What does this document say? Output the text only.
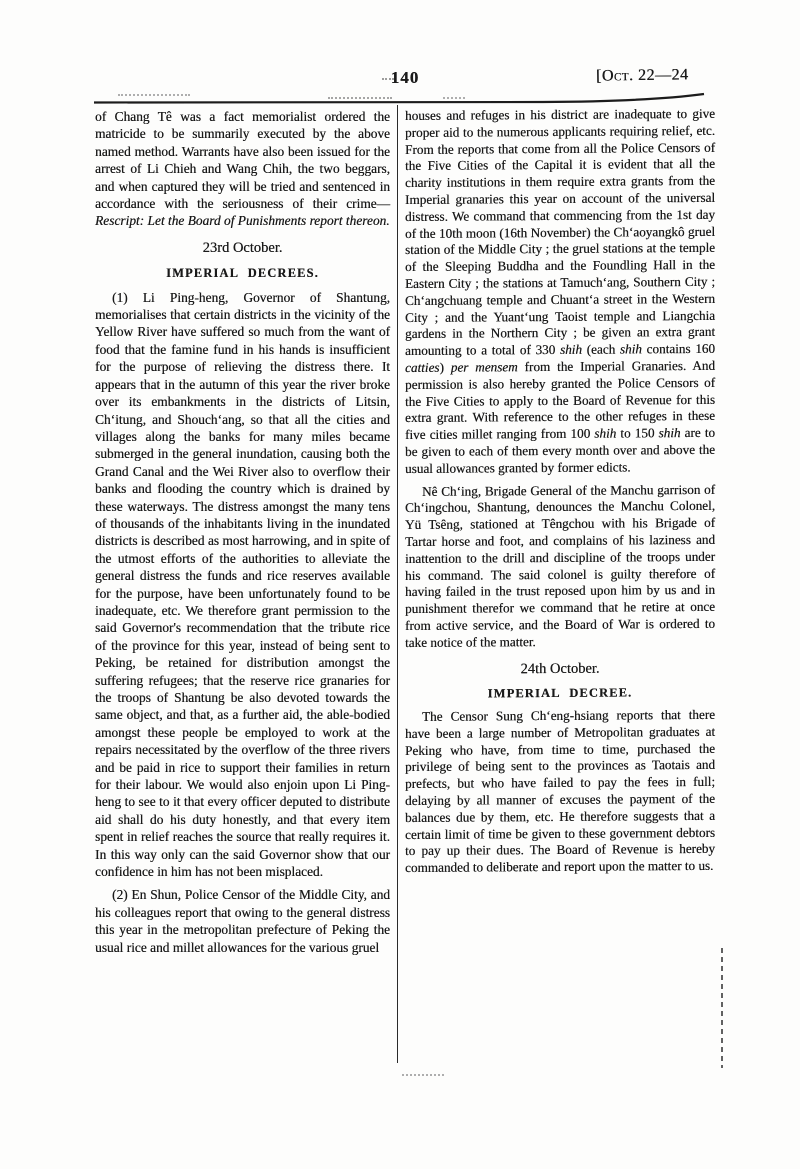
140	[Oct. 22—24

of Chang Tê was a fact memorialist ordered the matricide to be summarily executed by the above named method. Warrants have also been issued for the arrest of Li Chieh and Wang Chih, the two beggars, and when captured they will be tried and sentenced in accordance with the seriousness of their crime—Rescript: Let the Board of Punishments report thereon.

23rd October.
IMPERIAL DECREES.

(1) Li Ping-heng, Governor of Shantung, memorialises that certain districts in the vicinity of the Yellow River have suffered so much from the want of food that the famine fund in his hands is insufficient for the purpose of relieving the distress there. It appears that in the autumn of this year the river broke over its embankments in the districts of Litsin, Ch‘itung, and Shouch‘ang, so that all the cities and villages along the banks for many miles became submerged in the general inundation, causing both the Grand Canal and the Wei River also to overflow their banks and flooding the country which is drained by these waterways. The distress amongst the many tens of thousands of the inhabitants living in the inundated districts is described as most harrowing, and in spite of the utmost efforts of the authorities to alleviate the general distress the funds and rice reserves available for the purpose, have been unfortunately found to be inadequate, etc. We therefore grant permission to the said Governor's recommendation that the tribute rice of the province for this year, instead of being sent to Peking, be retained for distribution amongst the suffering refugees; that the reserve rice granaries for the troops of Shantung be also devoted towards the same object, and that, as a further aid, the able-bodied amongst these people be employed to work at the repairs necessitated by the overflow of the three rivers and be paid in rice to support their families in return for their labour. We would also enjoin upon Li Ping-heng to see to it that every officer deputed to distribute aid shall do his duty honestly, and that every item spent in relief reaches the source that really requires it. In this way only can the said Governor show that our confidence in him has not been misplaced.

(2) En Shun, Police Censor of the Middle City, and his colleagues report that owing to the general distress this year in the metropolitan prefecture of Peking the usual rice and millet allowances for the various gruel

houses and refuges in his district are inadequate to give proper aid to the numerous applicants requiring relief, etc. From the reports that come from all the Police Censors of the Five Cities of the Capital it is evident that all the charity institutions in them require extra grants from the Imperial granaries this year on account of the universal distress. We command that commencing from the 1st day of the 10th moon (16th November) the Ch‘aoyangkô gruel station of the Middle City ; the gruel stations at the temple of the Sleeping Buddha and the Foundling Hall in the Eastern City ; the stations at Tamuch‘ang, Southern City ; Ch‘angchuang temple and Chuant‘a street in the Western City ; and the Yuant‘ung Taoist temple and Liangchia gardens in the Northern City ; be given an extra grant amounting to a total of 330 shih (each shih contains 160 catties) per mensem from the Imperial Granaries. And permission is also hereby granted the Police Censors of the Five Cities to apply to the Board of Revenue for this extra grant. With reference to the other refuges in these five cities millet ranging from 100 shih to 150 shih are to be given to each of them every month over and above the usual allowances granted by former edicts.

Nê Ch‘ing, Brigade General of the Manchu garrison of Ch‘ingchou, Shantung, denounces the Manchu Colonel, Yü Tsêng, stationed at Têngchou with his Brigade of Tartar horse and foot, and complains of his laziness and inattention to the drill and discipline of the troops under his command. The said colonel is guilty therefore of having failed in the trust reposed upon him by us and in punishment therefor we command that he retire at once from active service, and the Board of War is ordered to take notice of the matter.

24th October.
IMPERIAL DECREE.

The Censor Sung Ch‘eng-hsiang reports that there have been a large number of Metropolitan graduates at Peking who have, from time to time, purchased the privilege of being sent to the provinces as Taotais and prefects, but who have failed to pay the fees in full; delaying by all manner of excuses the payment of the balances due by them, etc. He therefore suggests that a certain limit of time be given to these government debtors to pay up their dues. The Board of Revenue is hereby commanded to deliberate and report upon the matter to us.
